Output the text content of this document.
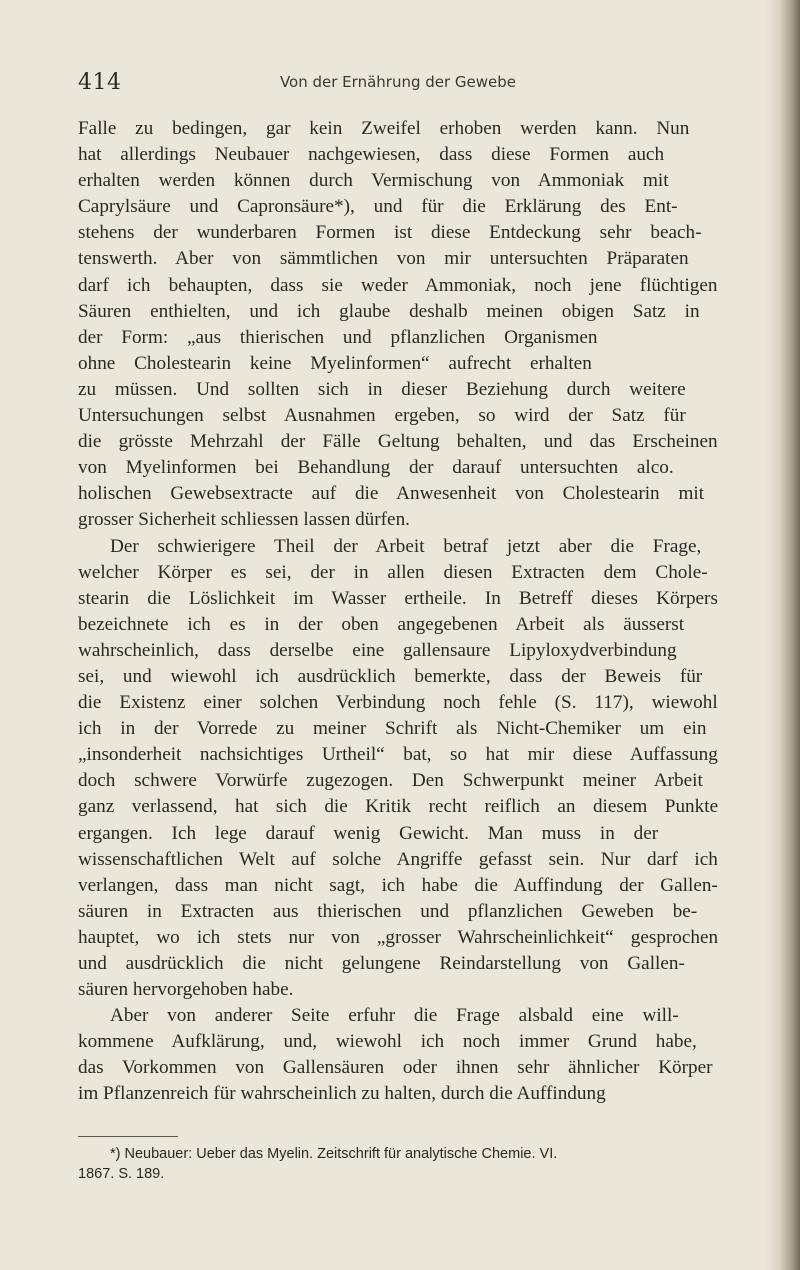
414	Von der Ernährung der Gewebe
Falle zu bedingen, gar kein Zweifel erhoben werden kann. Nun
hat allerdings Neubauer nachgewiesen, dass diese Formen auch
erhalten werden können durch Vermischung von Ammoniak mit
Caprylsäure und Capronsäure*), und für die Erklärung des Ent-
stehens der wunderbaren Formen ist diese Entdeckung sehr beach-
tenswerth. Aber von sämmtlichen von mir untersuchten Präparaten
darf ich behaupten, dass sie weder Ammoniak, noch jene flüchtigen
Säuren enthielten, und ich glaube deshalb meinen obigen Satz in
der Form: „aus thierischen und pflanzlichen Organismen
ohne Cholestearin keine Myelinformen“ aufrecht erhalten
zu müssen. Und sollten sich in dieser Beziehung durch weitere
Untersuchungen selbst Ausnahmen ergeben, so wird der Satz für
die grösste Mehrzahl der Fälle Geltung behalten, und das Erscheinen
von Myelinformen bei Behandlung der darauf untersuchten alco.
holischen Gewebsextracte auf die Anwesenheit von Cholestearin mit
grosser Sicherheit schliessen lassen dürfen.
Der schwierigere Theil der Arbeit betraf jetzt aber die Frage,
welcher Körper es sei, der in allen diesen Extracten dem Chole-
stearin die Löslichkeit im Wasser ertheile. In Betreff dieses Körpers
bezeichnete ich es in der oben angegebenen Arbeit als äusserst
wahrscheinlich, dass derselbe eine gallensaure Lipyloxydverbindung
sei, und wiewohl ich ausdrücklich bemerkte, dass der Beweis für
die Existenz einer solchen Verbindung noch fehle (S. 117), wiewohl
ich in der Vorrede zu meiner Schrift als Nicht-Chemiker um ein
„insonderheit nachsichtiges Urtheil“ bat, so hat mir diese Auffassung
doch schwere Vorwürfe zugezogen. Den Schwerpunkt meiner Arbeit
ganz verlassend, hat sich die Kritik recht reiflich an diesem Punkte
ergangen. Ich lege darauf wenig Gewicht. Man muss in der
wissenschaftlichen Welt auf solche Angriffe gefasst sein. Nur darf ich
verlangen, dass man nicht sagt, ich habe die Auffindung der Gallen-
säuren in Extracten aus thierischen und pflanzlichen Geweben be-
hauptet, wo ich stets nur von „grosser Wahrscheinlichkeit“ gesprochen
und ausdrücklich die nicht gelungene Reindarstellung von Gallen-
säuren hervorgehoben habe.
Aber von anderer Seite erfuhr die Frage alsbald eine will-
kommene Aufklärung, und, wiewohl ich noch immer Grund habe,
das Vorkommen von Gallensäuren oder ihnen sehr ähnlicher Körper
im Pflanzenreich für wahrscheinlich zu halten, durch die Auffindung
*) Neubauer: Ueber das Myelin. Zeitschrift für analytische Chemie. VI.
1867. S. 189.
